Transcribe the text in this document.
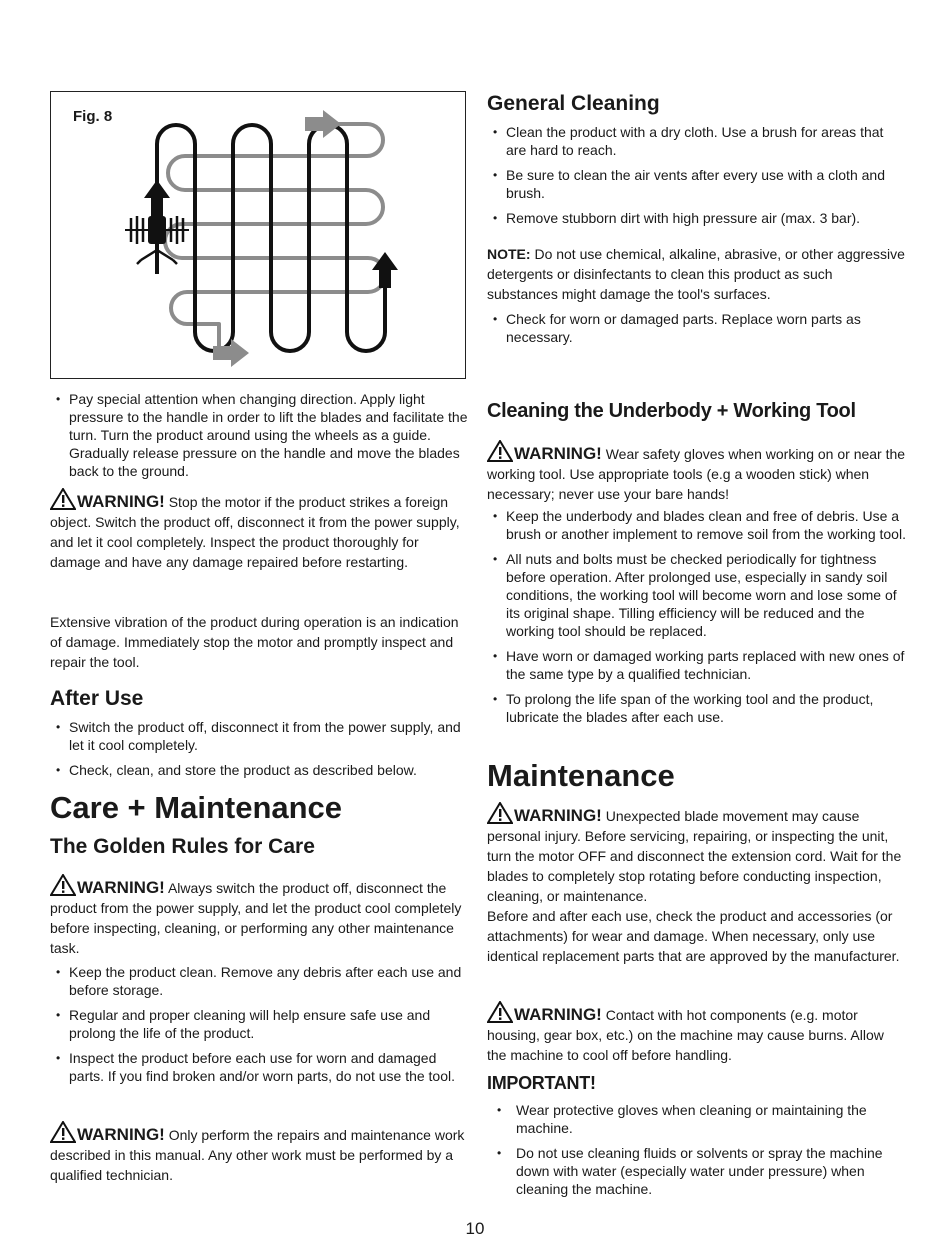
Fig. 8
• Pay special attention when changing direction. Apply light pressure to the handle in order to lift the blades and facilitate the turn. Turn the product around using the wheels as a guide. Gradually release pressure on the handle and move the blades back to the ground.

WARNING! Stop the motor if the product strikes a foreign object. Switch the product off, disconnect it from the power supply, and let it cool completely. Inspect the product thoroughly for damage and have any damage repaired before restarting.

Extensive vibration of the product during operation is an indication of damage. Immediately stop the motor and promptly inspect and repair the tool.

After Use
• Switch the product off, disconnect it from the power supply, and let it cool completely.
• Check, clean, and store the product as described below.
Care + Maintenance
The Golden Rules for Care

WARNING! Always switch the product off, disconnect the product from the power supply, and let the product cool completely before inspecting, cleaning, or performing any other maintenance task.

• Keep the product clean. Remove any debris after each use and before storage.
• Regular and proper cleaning will help ensure safe use and prolong the life of the product.
• Inspect the product before each use for worn and damaged parts. If you find broken and/or worn parts, do not use the tool.

WARNING! Only perform the repairs and maintenance work described in this manual. Any other work must be performed by a qualified technician.

General Cleaning
• Clean the product with a dry cloth. Use a brush for areas that are hard to reach.
• Be sure to clean the air vents after every use with a cloth and brush.
• Remove stubborn dirt with high pressure air (max. 3 bar).

NOTE: Do not use chemical, alkaline, abrasive, or other aggressive detergents or disinfectants to clean this product as such substances might damage the tool's surfaces.

• Check for worn or damaged parts. Replace worn parts as necessary.
Cleaning the Underbody + Working Tool

WARNING! Wear safety gloves when working on or near the working tool. Use appropriate tools (e.g a wooden stick) when necessary; never use your bare hands!

• Keep the underbody and blades clean and free of debris. Use a brush or another implement to remove soil from the working tool.
• All nuts and bolts must be checked periodically for tightness before operation. After prolonged use, especially in sandy soil conditions, the working tool will become worn and lose some of its original shape. Tilling efficiency will be reduced and the working tool should be replaced.
• Have worn or damaged working parts replaced with new ones of the same type by a qualified technician.
• To prolong the life span of the working tool and the product, lubricate the blades after each use.
Maintenance

WARNING! Unexpected blade movement may cause personal injury. Before servicing, repairing, or inspecting the unit, turn the motor OFF and disconnect the extension cord. Wait for the blades to completely stop rotating before conducting inspection, cleaning, or maintenance.

Before and after each use, check the product and accessories (or attachments) for wear and damage. When necessary, only use identical replacement parts that are approved by the manufacturer.

WARNING! Contact with hot components (e.g. motor housing, gear box, etc.) on the machine may cause burns. Allow the machine to cool off before handling.

IMPORTANT!
• Wear protective gloves when cleaning or maintaining the machine.
• Do not use cleaning fluids or solvents or spray the machine down with water (especially water under pressure) when cleaning the machine.
10
